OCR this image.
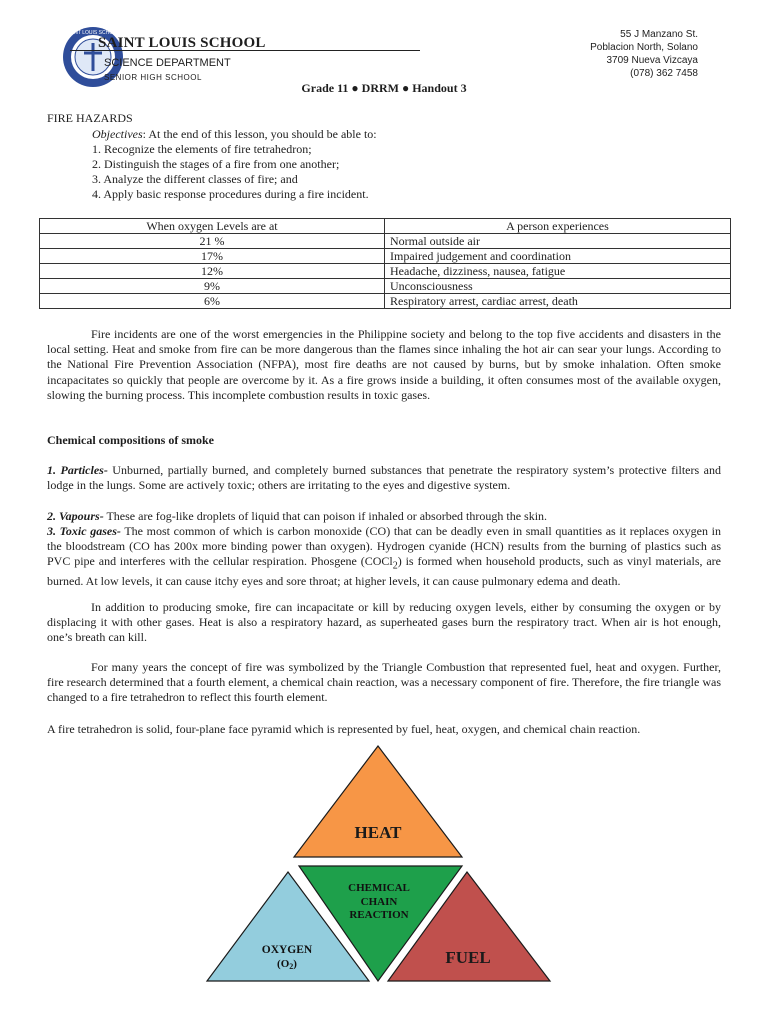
SAINT LOUIS SCHOOL
SAINT LOUIS SCHOOL
SCIENCE DEPARTMENT
SENIOR HIGH SCHOOL
55 J Manzano St.
Poblacion North, Solano
3709 Nueva Vizcaya
(078) 362 7458
Grade 11 ● DRRM ● Handout 3
FIRE HAZARDS
Objectives: At the end of this lesson, you should be able to:
1. Recognize the elements of fire tetrahedron;
2. Distinguish the stages of a fire from one another;
3. Analyze the different classes of fire; and
4. Apply basic response procedures during a fire incident.
When oxygen Levels are at	A person experiences
21 %	Normal outside air
17%	Impaired judgement and coordination
12%	Headache, dizziness, nausea, fatigue
9%	Unconsciousness
6%	Respiratory arrest, cardiac arrest, death

Fire incidents are one of the worst emergencies in the Philippine society and belong to the top five accidents and disasters in the local setting. Heat and smoke from fire can be more dangerous than the flames since inhaling the hot air can sear your lungs. According to the National Fire Prevention Association (NFPA), most fire deaths are not caused by burns, but by smoke inhalation. Often smoke incapacitates so quickly that people are overcome by it. As a fire grows inside a building, it often consumes most of the available oxygen, slowing the burning process. This incomplete combustion results in toxic gases.

Chemical compositions of smoke

1. Particles- Unburned, partially burned, and completely burned substances that penetrate the respiratory system’s protective filters and lodge in the lungs. Some are actively toxic; others are irritating to the eyes and digestive system.

2. Vapours- These are fog-like droplets of liquid that can poison if inhaled or absorbed through the skin.

3. Toxic gases- The most common of which is carbon monoxide (CO) that can be deadly even in small quantities as it replaces oxygen in the bloodstream (CO has 200x more binding power than oxygen). Hydrogen cyanide (HCN) results from the burning of plastics such as PVC pipe and interferes with the cellular respiration. Phosgene (COCl$_2$) is formed when household products, such as vinyl materials, are burned. At low levels, it can cause itchy eyes and sore throat; at higher levels, it can cause pulmonary edema and death.

In addition to producing smoke, fire can incapacitate or kill by reducing oxygen levels, either by consuming the oxygen or by displacing it with other gases. Heat is also a respiratory hazard, as superheated gases burn the respiratory tract. When air is hot enough, one’s breath can kill.

For many years the concept of fire was symbolized by the Triangle Combustion that represented fuel, heat and oxygen. Further, fire research determined that a fourth element, a chemical chain reaction, was a necessary component of fire. Therefore, the fire triangle was changed to a fire tetrahedron to reflect this fourth element.

A fire tetrahedron is solid, four-plane face pyramid which is represented by fuel, heat, oxygen, and chemical chain reaction.

HEAT
CHEMICAL
CHAIN
REACTION
OXYGEN
(O2)	FUEL
